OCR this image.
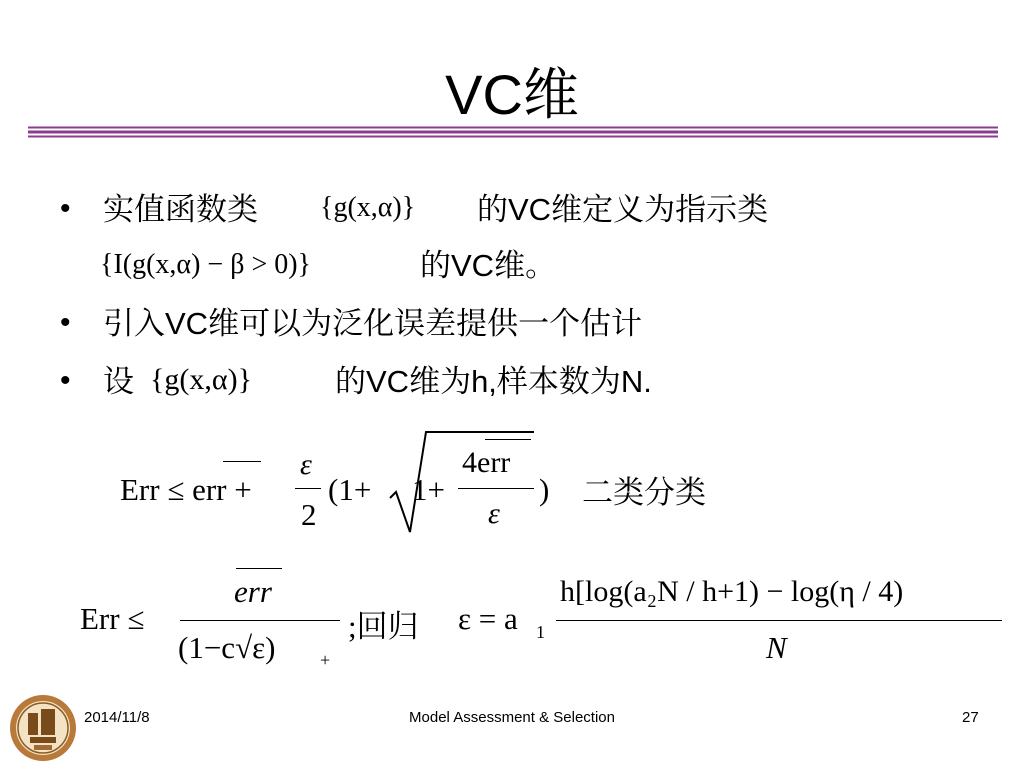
VC维
• 实值函数类 {g(x,α)} 的VC维定义为指示类
{I(g(x,α) − β > 0)}	的VC维。
• 引入VC维可以为泛化误差提供一个估计
• 设 {g(x,α)}	的VC维为h,样本数为N.
Err ≤ err +
ε
2
(1+ 1+
4err
ε
) 二类分类
Err ≤
err
(1−c√ε) +
;回归 ε = a 1
h[log(a₂N / h+1) − log(η / 4)
N
2014/11/8	Model Assessment & Selection	27
